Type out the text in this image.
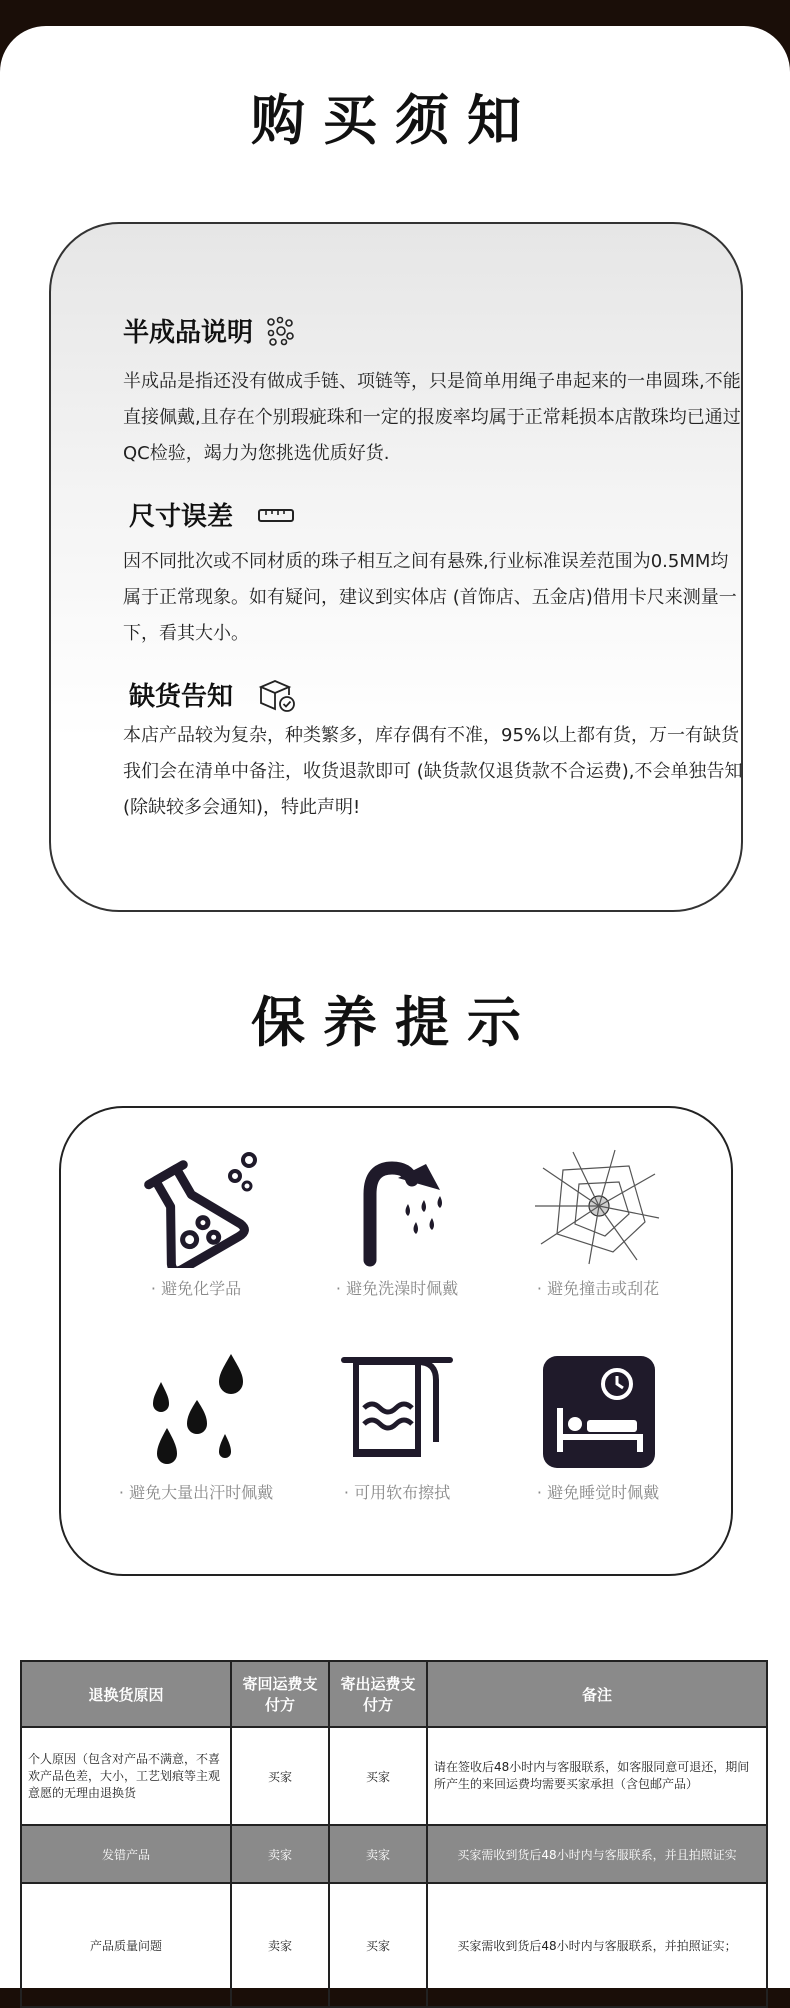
购买须知
半成品说明
半成品是指还没有做成手链、项链等，只是简单用绳子串起来的一串圆珠,不能直接佩戴,且存在个别瑕疵珠和一定的报废率均属于正常耗损本店散珠均已通过QC检验，竭力为您挑选优质好货.
尺寸误差
因不同批次或不同材质的珠子相互之间有悬殊,行业标准误差范围为0.5MM均属于正常现象。如有疑问，建议到实体店 (首饰店、五金店)借用卡尺来测量一下，看其大小。
缺货告知
本店产品较为复杂，种类繁多，库存偶有不准，95%以上都有货，万一有缺货我们会在清单中备注，收货退款即可 (缺货款仅退货款不合运费),不会单独告知 (除缺较多会通知)，特此声明!
保养提示
· 避免化学品	· 避免洗澡时佩戴	· 避免撞击或刮花
· 避免大量出汗时佩戴	· 可用软布擦拭	· 避免睡觉时佩戴
退换货原因	寄回运费支付方	寄出运费支付方	备注
个人原因（包含对产品不满意，不喜欢产品色差，大小，工艺划痕等主观意愿的无理由退换货	买家	买家	请在签收后48小时内与客服联系，如客服同意可退还，期间所产生的来回运费均需要买家承担（含包邮产品）
发错产品	卖家	卖家	买家需收到货后48小时内与客服联系，并且拍照证实
产品质量问题	卖家	买家	买家需收到货后48小时内与客服联系，并拍照证实；
